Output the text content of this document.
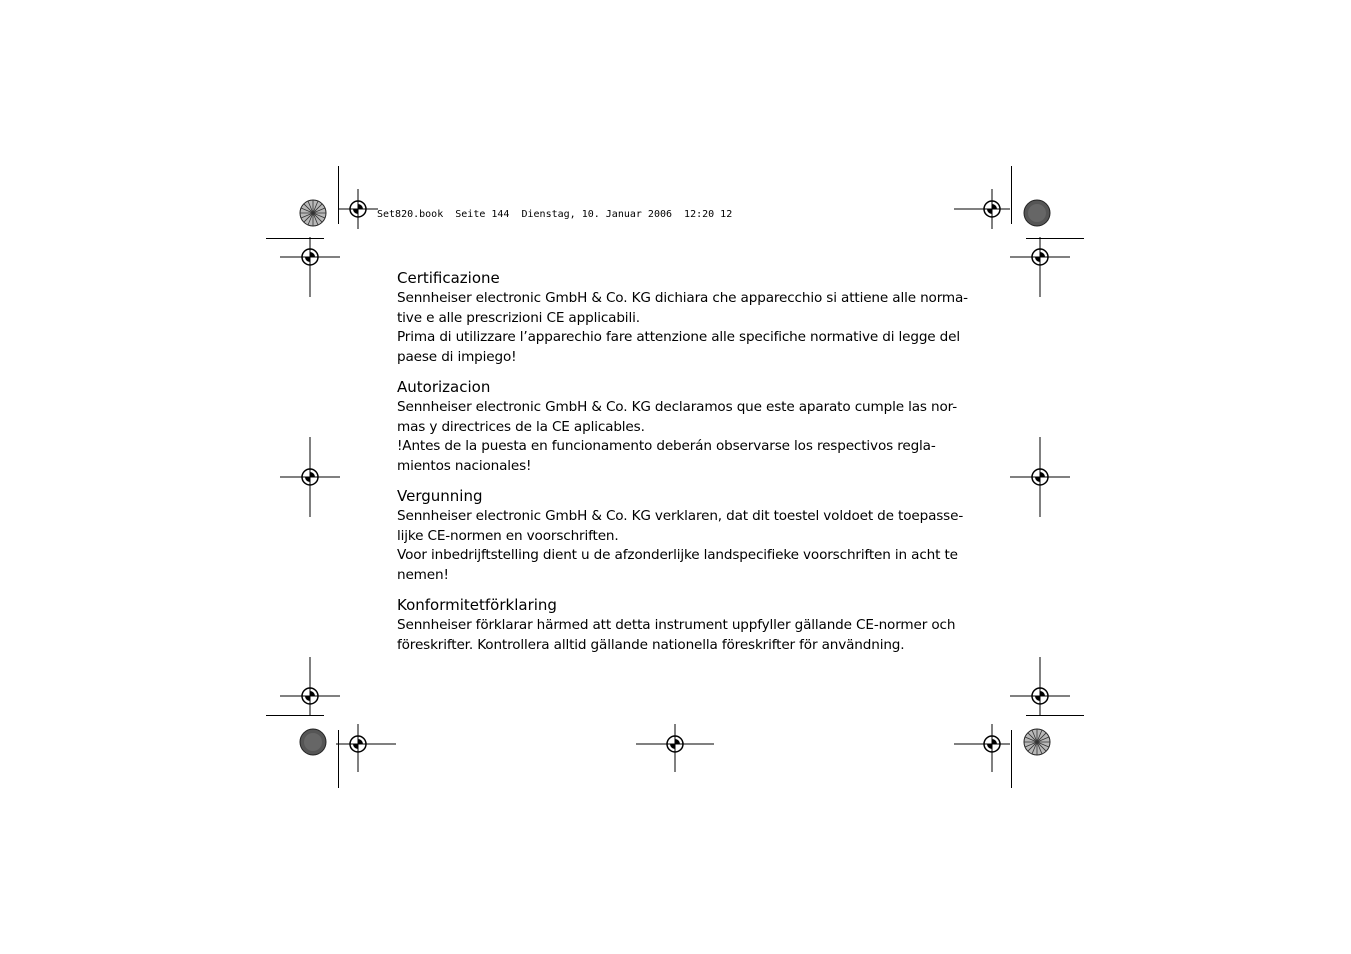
Set820.book  Seite 144  Dienstag, 10. Januar 2006  12:20 12
Certificazione
Sennheiser electronic GmbH & Co. KG dichiara che apparecchio si attiene alle norma-
tive e alle prescrizioni CE applicabili.
Prima di utilizzare l’apparechio fare attenzione alle specifiche normative di legge del
paese di impiego!
Autorizacion
Sennheiser electronic GmbH & Co. KG declaramos que este aparato cumple las nor-
mas y directrices de la CE aplicables.
!Antes de la puesta en funcionamento deberán observarse los respectivos regla-
mientos nacionales!
Vergunning
Sennheiser electronic GmbH & Co. KG verklaren, dat dit toestel voldoet de toepasse-
lijke CE-normen en voorschriften.
Voor inbedrijftstelling dient u de afzonderlijke landspecifieke voorschriften in acht te
nemen!
Konformitetförklaring
Sennheiser förklarar härmed att detta instrument uppfyller gällande CE-normer och
föreskrifter. Kontrollera alltid gällande nationella föreskrifter för användning.
